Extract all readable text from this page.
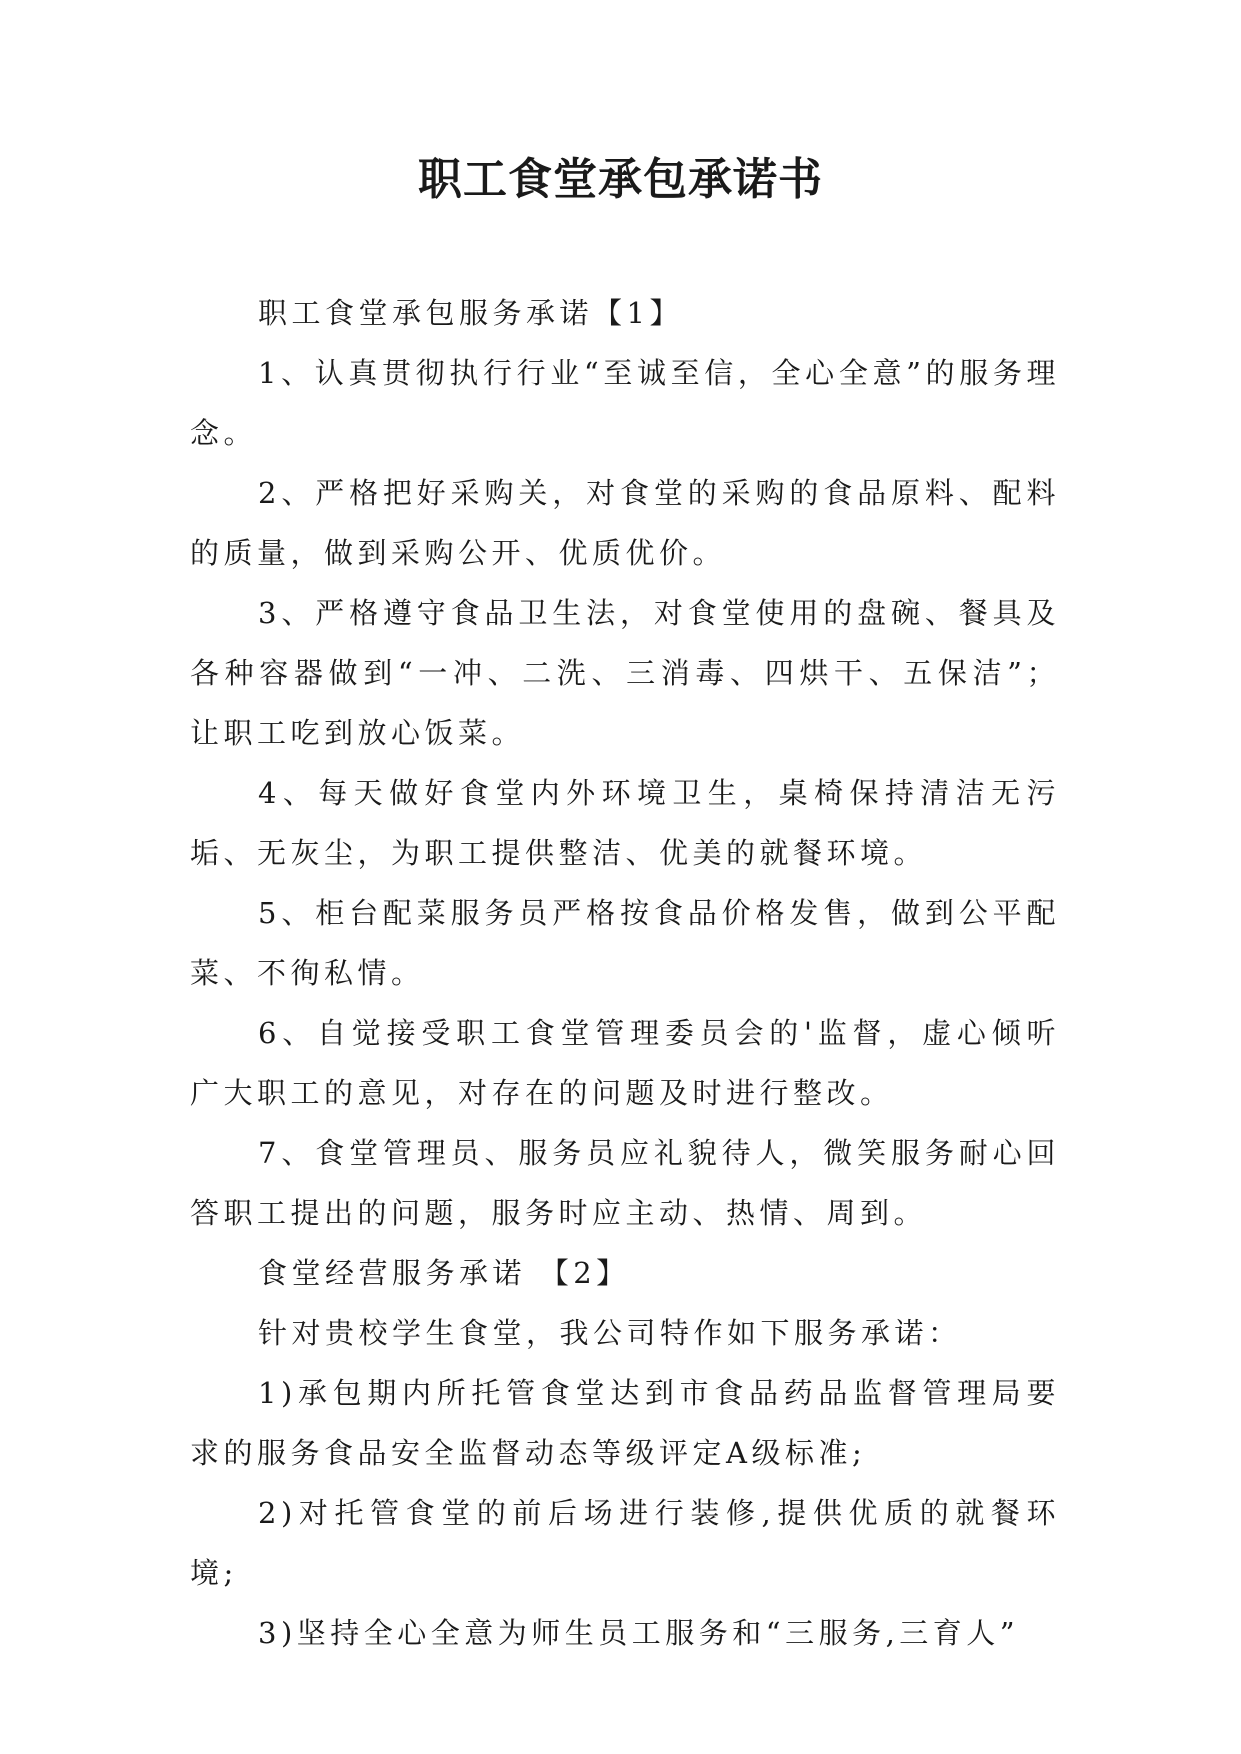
职工食堂承包承诺书

职工食堂承包服务承诺【1】

1、认真贯彻执行行业“至诚至信，全心全意”的服务理念。

2、严格把好采购关，对食堂的采购的食品原料、配料的质量，做到采购公开、优质优价。

3、严格遵守食品卫生法，对食堂使用的盘碗、餐具及各种容器做到“一冲、二洗、三消毒、四烘干、五保洁”；让职工吃到放心饭菜。

4、每天做好食堂内外环境卫生，桌椅保持清洁无污垢、无灰尘，为职工提供整洁、优美的就餐环境。

5、柜台配菜服务员严格按食品价格发售，做到公平配菜、不徇私情。

6、自觉接受职工食堂管理委员会的'监督，虚心倾听广大职工的意见，对存在的问题及时进行整改。

7、食堂管理员、服务员应礼貌待人，微笑服务耐心回答职工提出的问题，服务时应主动、热情、周到。

食堂经营服务承诺 【2】

针对贵校学生食堂，我公司特作如下服务承诺：

1)承包期内所托管食堂达到市食品药品监督管理局要求的服务食品安全监督动态等级评定A级标准;

2)对托管食堂的前后场进行装修,提供优质的就餐环境;

3)坚持全心全意为师生员工服务和“三服务,三育人”
